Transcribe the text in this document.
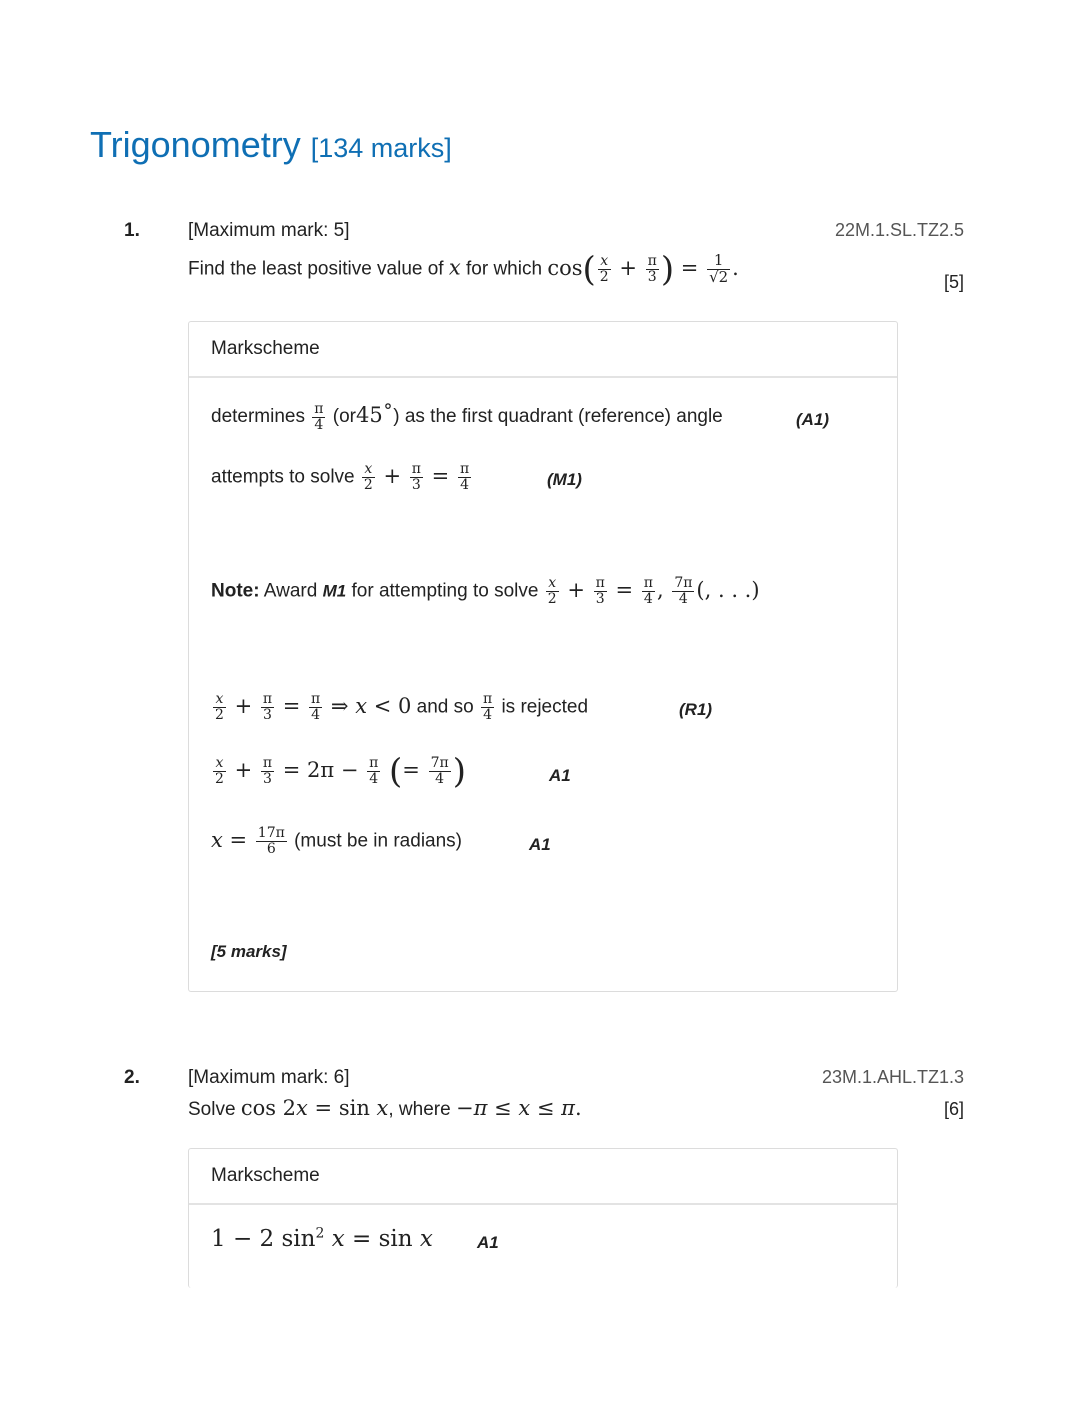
Trigonometry [134 marks]
1.	[Maximum mark: 5]	22M.1.SL.TZ2.5
Find the least positive value of x for which $\cos( \frac{x}{2} + \frac{\pi}{3}$ ) = $\frac{1}{√2}$ .
[5]
Markscheme
determines $\frac{\pi}{4}$ (or45˚) as the first quadrant (reference) angle	(A1)
attempts to solve $\frac{x}{2} + \frac{\pi}{3} = \frac{\pi}{4}$	(M1)
Note: Award M1 for attempting to solve $\frac{x}{2} + \frac{\pi}{3} = \frac{\pi}{4}$ , $\frac{7\pi}{4}$ (, . . .)
$\frac{x}{2} + \frac{\pi}{3} = \frac{\pi}{4}$ ⇒ x < 0 and so $\frac{\pi}{4}$ is rejected	(R1)
$\frac{x}{2} + \frac{\pi}{3} = 2\pi - \frac{\pi}{4}$ (= $\frac{7\pi}{4}$ )	A1
$x = \frac{17\pi}{6}$ (must be in radians)	A1
[5 marks]
2.	[Maximum mark: 6]	23M.1.AHL.TZ1.3
Solve cos 2x = sin x, where −π ≤ x ≤ π.	[6]
Markscheme
1 − 2 $\sin^2 x = \sin x$	A1
